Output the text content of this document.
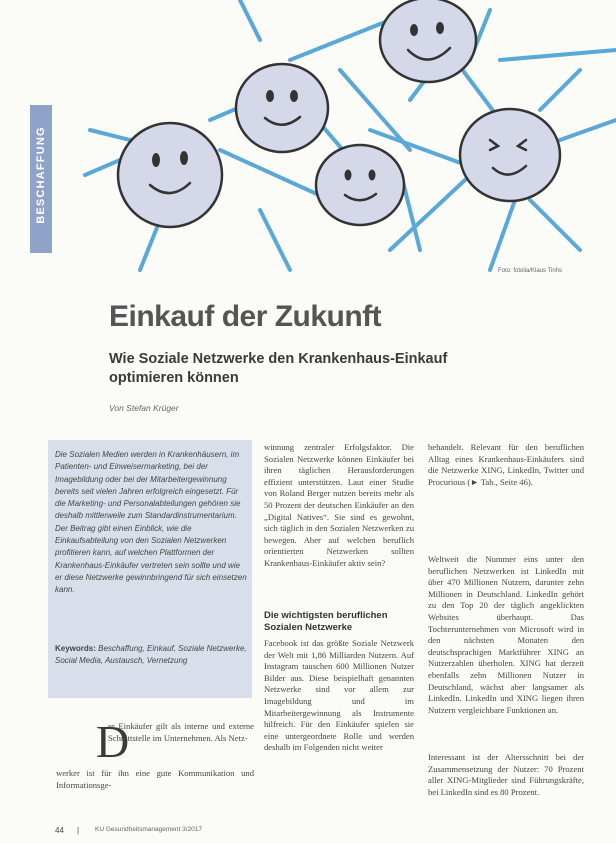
BESCHAFFUNG
Foto: fotolia/Klaus Tinhs
Einkauf der Zukunft
Wie Soziale Netzwerke den Krankenhaus-Einkauf optimieren können
Von Stefan Krüger

Die Sozialen Medien werden in Krankenhäusern, im Patienten- und Einweisermarketing, bei der Imagebildung oder bei der Mitarbeitergewinnung bereits seit vielen Jahren erfolgreich eingesetzt. Für die Marketing- und Personalabteilungen gehören sie deshalb mittlerweile zum Standardinstrumentarium. Der Beitrag gibt einen Einblick, wie die Einkaufsabteilung von den Sozialen Netzwerken profitieren kann, auf welchen Plattformen der Krankenhaus-Einkäufer vertreten sein sollte und wie er diese Netzwerke gewinnbringend für sich einsetzen kann.

Keywords: Beschaffung, Einkauf, Soziale Netzwerke, Social Media, Austausch, Vernetzung

D

er Einkäufer gilt als interne und externe Schnittstelle im Unternehmen. Als Netz-

werker ist für ihn eine gute Kommunikation und Informationsge-

winnung zentraler Erfolgsfaktor. Die Sozialen Netzwerke können Einkäufer bei ihren täglichen Herausforderungen effizient unterstützen. Laut einer Studie von Roland Berger nutzen bereits mehr als 50 Prozent der deutschen Einkäufer an den „Digital Natives“. Sie sind es gewohnt, sich täglich in den Sozialen Netzwerken zu bewegen. Aber auf welchen beruflich orientierten Netzwerken sollten Krankenhaus-Einkäufer aktiv sein?

Die wichtigsten beruflichen Sozialen Netzwerke

Facebook ist das größte Soziale Netzwerk der Welt mit 1,86 Milliarden Nutzern. Auf Instagram tauschen 600 Millionen Nutzer Bilder aus. Diese beispielhaft genannten Netzwerke sind vor allem zur Imagebildung und im Mitarbeitergewinnung als Instrumente hilfreich. Für den Einkäufer spielen sie eine untergeordnete Rolle und werden deshalb im Folgenden nicht weiter

behandelt. Relevant für den beruflichen Alltag eines Krankenhaus-Einkäufers sind die Netzwerke XING, LinkedIn, Twitter und Procurious (► Tab., Seite 46).

Weltweit die Nummer eins unter den beruflichen Netzwerken ist LinkedIn mit über 470 Millionen Nutzern, darunter zehn Millionen in Deutschland. LinkedIn gehört zu den Top 20 der täglich angeklickten Websites überhaupt. Das Tochterunternehmen von Microsoft wird in den nächsten Monaten den deutschsprachigen Marktführer XING an Nutzerzahlen überholen. XING hat derzeit ebenfalls zehn Millionen Nutzer in Deutschland, wächst aber langsamer als LinkedIn. LinkedIn und XING liegen ihren Nutzern vergleichbare Funktionen an.

Interessant ist der Altersschnitt bei der Zusammensetzung der Nutzer: 70 Prozent aller XING-Mitglieder sind Führungskräfte, bei LinkedIn sind es 80 Prozent.

44 | KU Gesundheitsmanagement 3/2017
